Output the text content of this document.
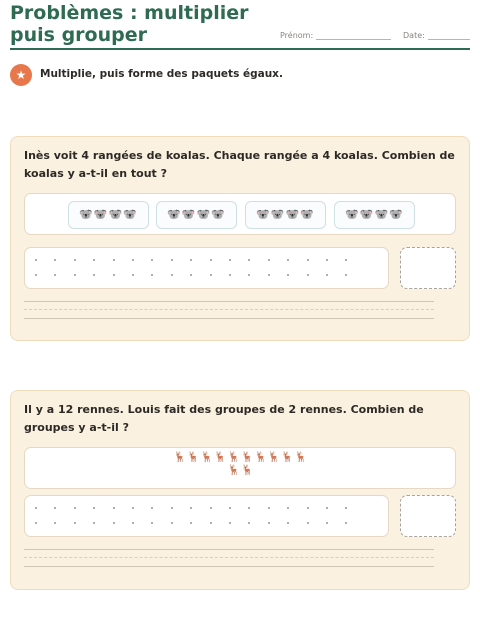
Problèmes : multiplier puis grouper	Prénom:	Date:
★	Multiplie, puis forme des paquets égaux.
Inès voit 4 rangées de koalas. Chaque rangée a 4 koalas. Combien de koalas y a-t-il en tout ?
🐨🐨🐨🐨	🐨🐨🐨🐨	🐨🐨🐨🐨	🐨🐨🐨🐨
Il y a 12 rennes. Louis fait des groupes de 2 rennes. Combien de groupes y a-t-il ?
🦌🦌🦌🦌🦌🦌🦌🦌🦌🦌
🦌🦌
